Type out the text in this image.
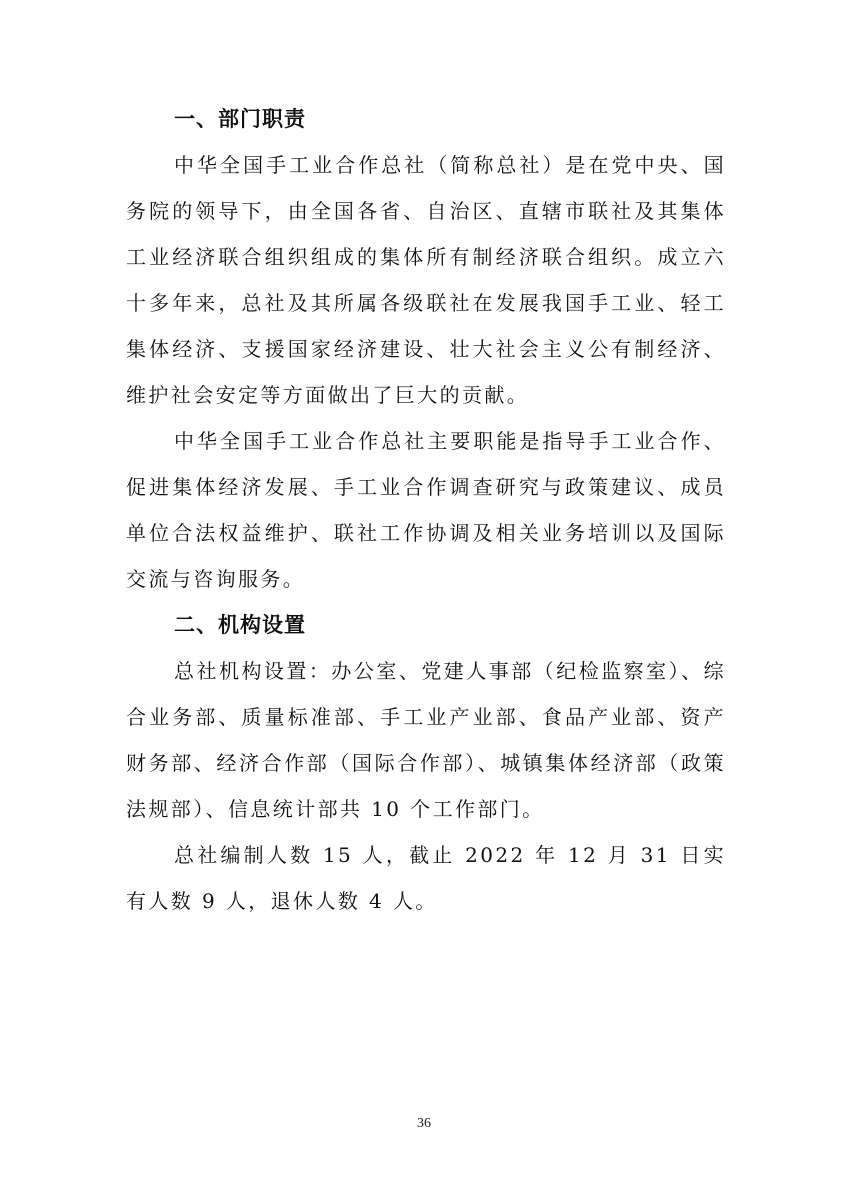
一、部门职责

中华全国手工业合作总社（简称总社）是在党中央、国务院的领导下，由全国各省、自治区、直辖市联社及其集体工业经济联合组织组成的集体所有制经济联合组织。成立六十多年来，总社及其所属各级联社在发展我国手工业、轻工集体经济、支援国家经济建设、壮大社会主义公有制经济、维护社会安定等方面做出了巨大的贡献。

中华全国手工业合作总社主要职能是指导手工业合作、促进集体经济发展、手工业合作调查研究与政策建议、成员单位合法权益维护、联社工作协调及相关业务培训以及国际交流与咨询服务。

二、机构设置

总社机构设置：办公室、党建人事部（纪检监察室）、综合业务部、质量标准部、手工业产业部、食品产业部、资产财务部、经济合作部（国际合作部）、城镇集体经济部（政策法规部）、信息统计部共 10 个工作部门。

总社编制人数 15 人，截止 2022 年 12 月 31 日实有人数 9 人，退休人数 4 人。

36
